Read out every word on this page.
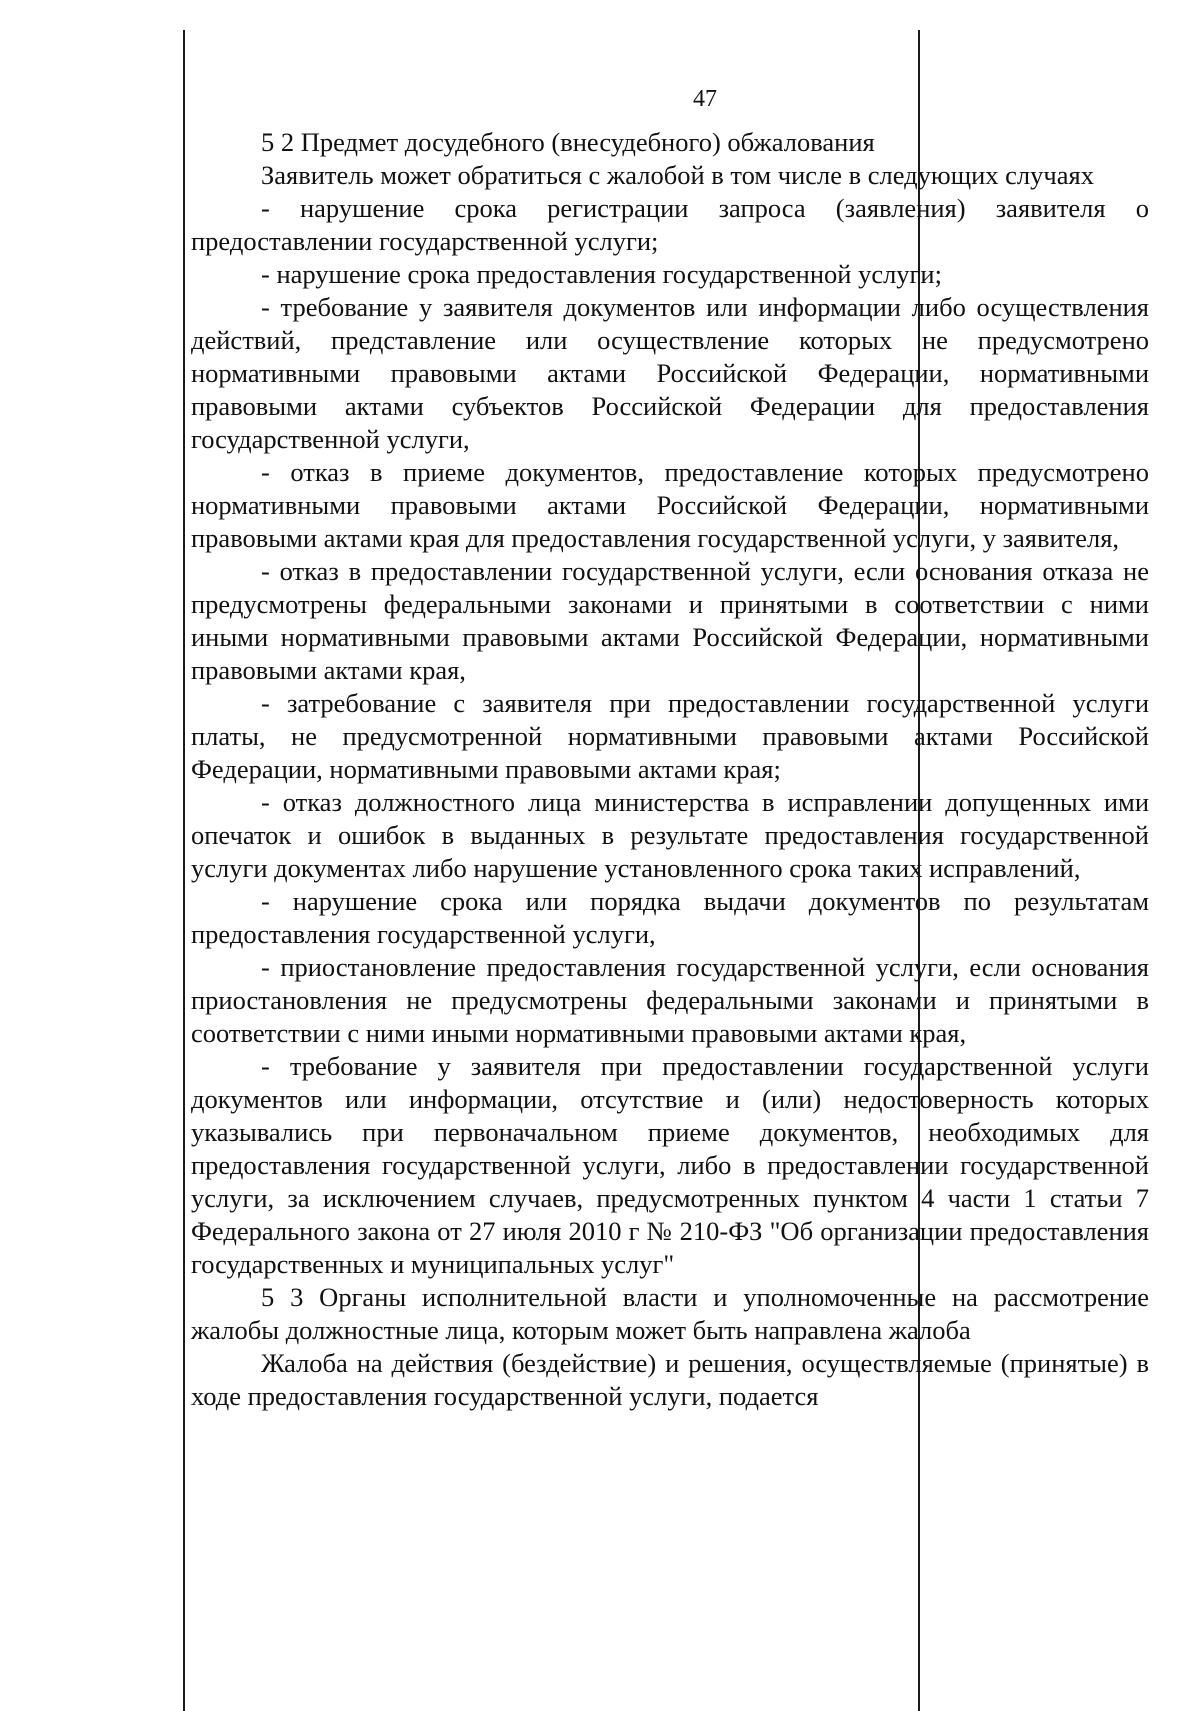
47

5 2 Предмет досудебного (внесудебного) обжалования

Заявитель может обратиться с жалобой в том числе в следующих случаях

- нарушение срока регистрации запроса (заявления) заявителя о предоставлении государственной услуги;

- нарушение срока предоставления государственной услуги;

- требование у заявителя документов или информации либо осуществления действий, представление или осуществление которых не предусмотрено нормативными правовыми актами Российской Федерации, нормативными правовыми актами субъектов Российской Федерации для предоставления государственной услуги,

- отказ в приеме документов, предоставление которых предусмотрено нормативными правовыми актами Российской Федерации, нормативными правовыми актами края для предоставления государственной услуги, у заявителя,

- отказ в предоставлении государственной услуги, если основания отказа не предусмотрены федеральными законами и принятыми в соответствии с ними иными нормативными правовыми актами Российской Федерации, нормативными правовыми актами края,

- затребование с заявителя при предоставлении государственной услуги платы, не предусмотренной нормативными правовыми актами Российской Федерации, нормативными правовыми актами края;

- отказ должностного лица министерства в исправлении допущенных ими опечаток и ошибок в выданных в результате предоставления государственной услуги документах либо нарушение установленного срока таких исправлений,

- нарушение срока или порядка выдачи документов по результатам предоставления государственной услуги,

- приостановление предоставления государственной услуги, если основания приостановления не предусмотрены федеральными законами и принятыми в соответствии с ними иными нормативными правовыми актами края,

- требование у заявителя при предоставлении государственной услуги документов или информации, отсутствие и (или) недостоверность которых указывались при первоначальном приеме документов, необходимых для предоставления государственной услуги, либо в предоставлении государственной услуги, за исключением случаев, предусмотренных пунктом 4 части 1 статьи 7 Федерального закона от 27 июля 2010 г № 210-ФЗ "Об организации предоставления государственных и муниципальных услуг"

5 3 Органы исполнительной власти и уполномоченные на рассмотрение жалобы должностные лица, которым может быть направлена жалоба

Жалоба на действия (бездействие) и решения, осуществляемые (принятые) в ходе предоставления государственной услуги, подается
